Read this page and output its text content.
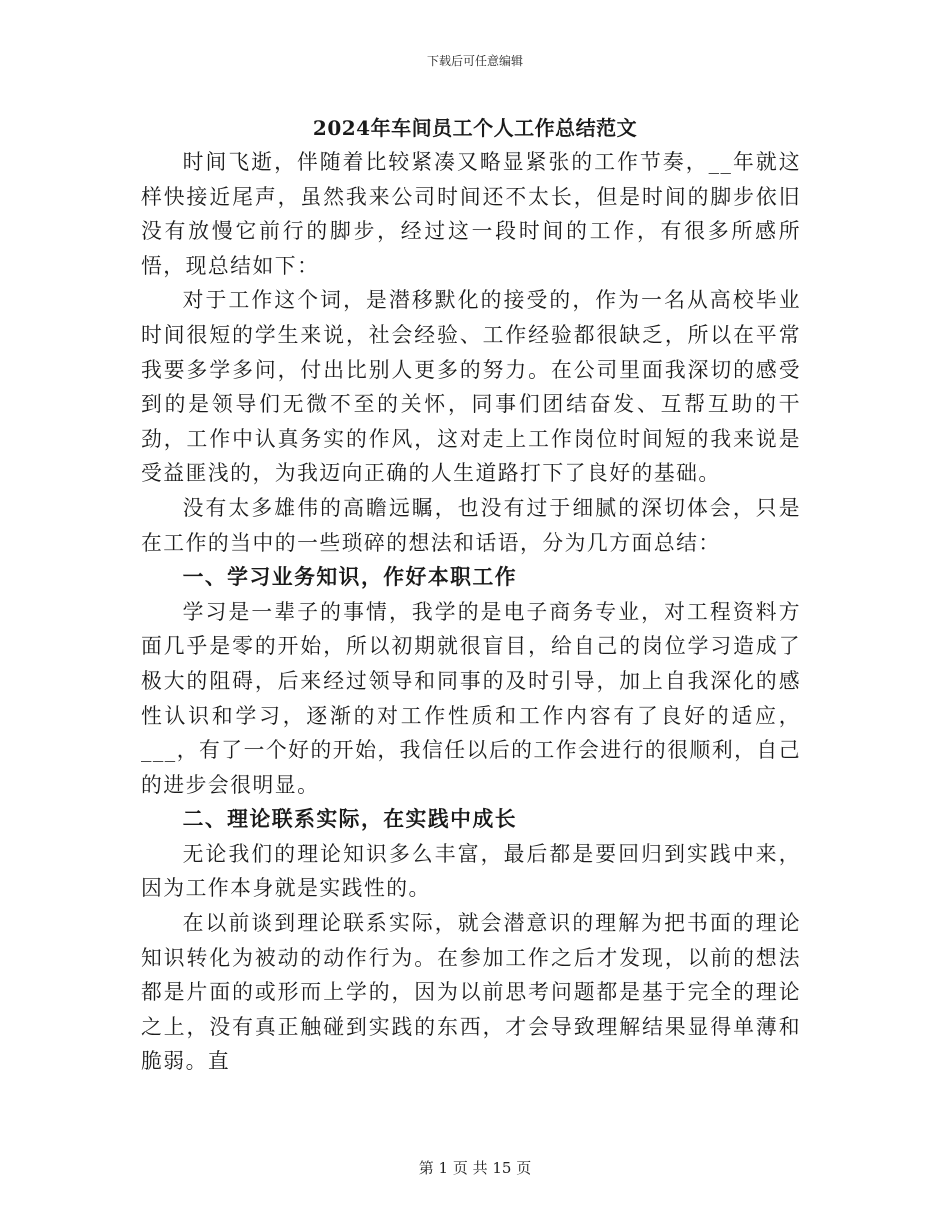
下载后可任意编辑
2024年车间员工个人工作总结范文

时间飞逝，伴随着比较紧凑又略显紧张的工作节奏，__年就这样快接近尾声，虽然我来公司时间还不太长，但是时间的脚步依旧没有放慢它前行的脚步，经过这一段时间的工作，有很多所感所悟，现总结如下：

对于工作这个词，是潜移默化的接受的，作为一名从高校毕业时间很短的学生来说，社会经验、工作经验都很缺乏，所以在平常我要多学多问，付出比别人更多的努力。在公司里面我深切的感受到的是领导们无微不至的关怀，同事们团结奋发、互帮互助的干劲，工作中认真务实的作风，这对走上工作岗位时间短的我来说是受益匪浅的，为我迈向正确的人生道路打下了良好的基础。

没有太多雄伟的高瞻远瞩，也没有过于细腻的深切体会，只是在工作的当中的一些琐碎的想法和话语，分为几方面总结：

一、学习业务知识，作好本职工作

学习是一辈子的事情，我学的是电子商务专业，对工程资料方面几乎是零的开始，所以初期就很盲目，给自己的岗位学习造成了极大的阻碍，后来经过领导和同事的及时引导，加上自我深化的感性认识和学习，逐渐的对工作性质和工作内容有了良好的适应，___，有了一个好的开始，我信任以后的工作会进行的很顺利，自己的进步会很明显。

二、理论联系实际，在实践中成长

无论我们的理论知识多么丰富，最后都是要回归到实践中来，因为工作本身就是实践性的。

在以前谈到理论联系实际，就会潜意识的理解为把书面的理论知识转化为被动的动作行为。在参加工作之后才发现，以前的想法都是片面的或形而上学的，因为以前思考问题都是基于完全的理论之上，没有真正触碰到实践的东西，才会导致理解结果显得单薄和脆弱。直

第 1 页 共 15 页
